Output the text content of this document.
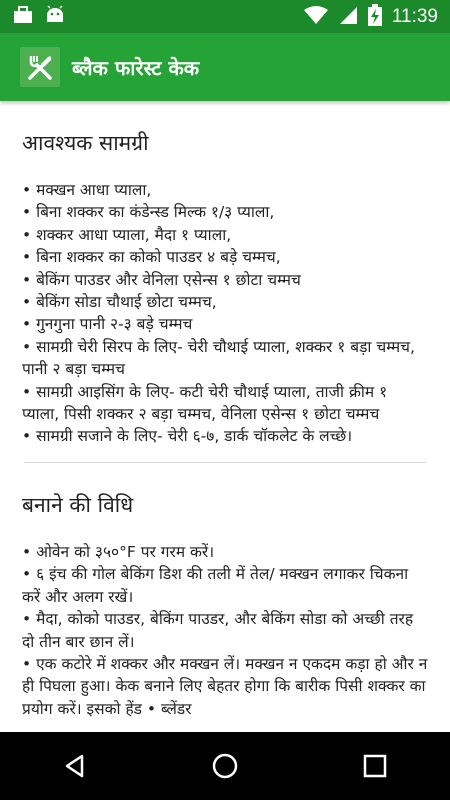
11:39
ब्लैक फारेस्ट केक
आवश्यक सामग्री
• मक्खन आधा प्याला,
• बिना शक्कर का कंडेन्स्ड मिल्क १/३ प्याला,
• शक्कर आधा प्याला, मैदा १ प्याला,
• बिना शक्कर का कोको पाउडर ४ बड़े चम्मच,
• बेकिंग पाउडर और वेनिला एसेन्स १ छोटा चम्मच
• बेकिंग सोडा चौथाई छोटा चम्मच,
• गुनगुना पानी २-३ बड़े चम्मच
• सामग्री चेरी सिरप के लिए- चेरी चौथाई प्याला, शक्कर १ बड़ा चम्मच, पानी २ बड़ा चम्मच
• सामग्री आइसिंग के लिए- कटी चेरी चौथाई प्याला, ताजी क्रीम १ प्याला, पिसी शक्कर २ बड़ा चम्मच, वेनिला एसेन्स १ छोटा चम्मच
• सामग्री सजाने के लिए- चेरी ६-७, डार्क चॉकलेट के लच्छे।
बनाने की विधि
• ओवेन को ३५०°F पर गरम करें।
• ६ इंच की गोल बेकिंग डिश की तली में तेल/ मक्खन लगाकर चिकना करें और अलग रखें।
• मैदा, कोको पाउडर, बेकिंग पाउडर, और बेकिंग सोडा को अच्छी तरह दो तीन बार छान लें।
• एक कटोरे में शक्कर और मक्खन लें। मक्खन न एकदम कड़ा हो और न ही पिघला हुआ। केक बनाने लिए बेहतर होगा कि बारीक पिसी शक्कर का प्रयोग करें। इसको हेंड • ब्लेंडर
